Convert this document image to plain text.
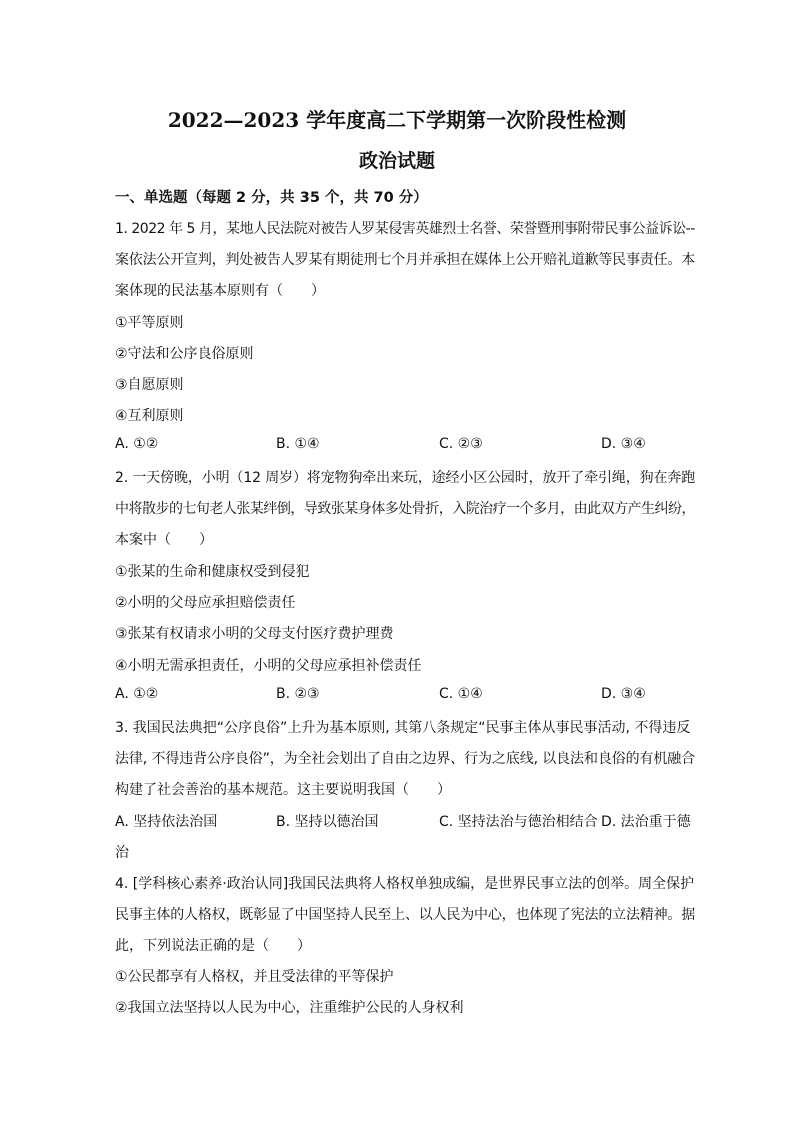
2022—2023 学年度高二下学期第一次阶段性检测
政治试题
一、单选题（每题 2 分，共 35 个，共 70 分）
1. 2022 年 5 月，某地人民法院对被告人罗某侵害英雄烈士名誉、荣誉暨刑事附带民事公益诉讼--
案依法公开宣判，判处被告人罗某有期徒刑七个月并承担在媒体上公开赔礼道歉等民事责任。本
案体现的民法基本原则有（　　）
①平等原则
②守法和公序良俗原则
③自愿原则
④互利原则
A. ①②	B. ①④	C. ②③	D. ③④
2. 一天傍晚，小明（12 周岁）将宠物狗牵出来玩，途经小区公园时，放开了牵引绳，狗在奔跑
中将散步的七旬老人张某绊倒，导致张某身体多处骨折，入院治疗一个多月，由此双方产生纠纷，
本案中（　　）
①张某的生命和健康权受到侵犯
②小明的父母应承担赔偿责任
③张某有权请求小明的父母支付医疗费护理费
④小明无需承担责任，小明的父母应承担补偿责任
A. ①②	B. ②③	C. ①④	D. ③④
3. 我国民法典把“公序良俗”上升为基本原则, 其第八条规定“民事主体从事民事活动, 不得违反
法律, 不得违背公序良俗”，为全社会划出了自由之边界、行为之底线, 以良法和良俗的有机融合
构建了社会善治的基本规范。这主要说明我国（　　）
A. 坚持依法治国	B. 坚持以德治国	C. 坚持法治与德治相结合 D. 法治重于德
治
4. [学科核心素养·政治认同]我国民法典将人格权单独成编，是世界民事立法的创举。周全保护
民事主体的人格权，既彰显了中国坚持人民至上、以人民为中心，也体现了宪法的立法精神。据
此，下列说法正确的是（　　）
①公民都享有人格权，并且受法律的平等保护
②我国立法坚持以人民为中心，注重维护公民的人身权利
